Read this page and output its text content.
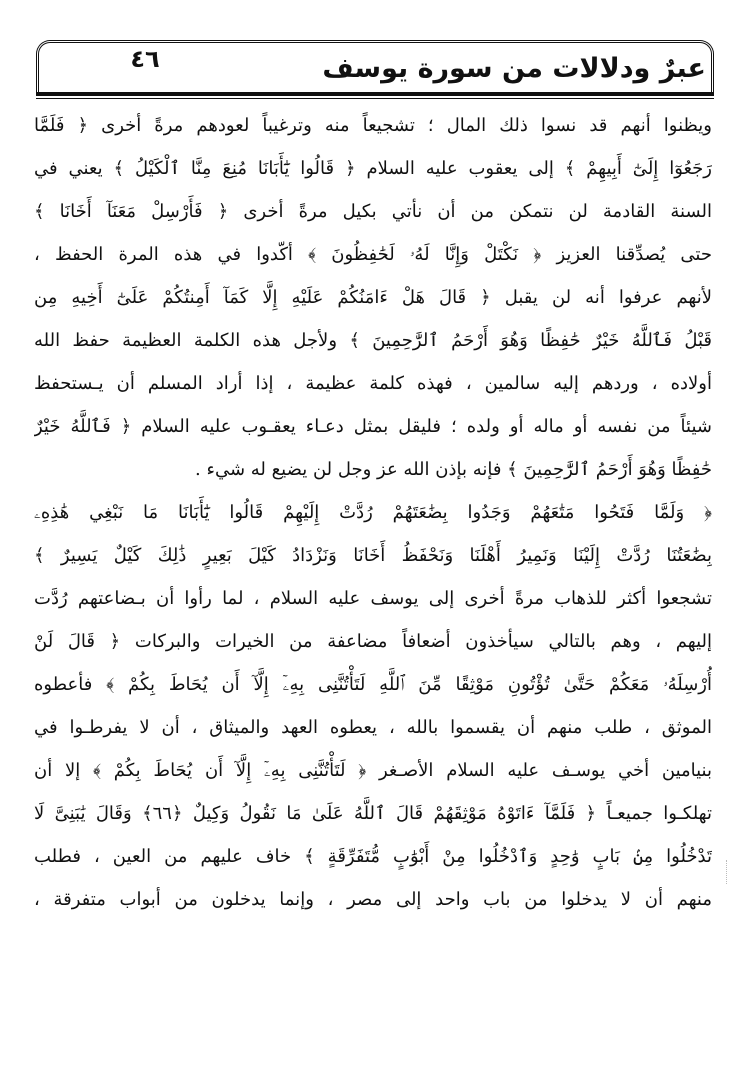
عبرٌ ودلالات من سورة يوسف
٤٦
ويظنوا أنهم قد نسوا ذلك المال ؛ تشجيعاً منه وترغيباً لعودهم مرةً أخرى ﴿ فَلَمَّا
رَجَعُوٓا إِلَىٰٓ أَبِيهِمْ ﴾ إلى يعقوب عليه السلام ﴿ قَالُوا يَٰٓأَبَانَا مُنِعَ مِنَّا ٱلْكَيْلُ ﴾ يعني في
السنة القادمة لن نتمكن من أن نأتي بكيل مرةً أخرى ﴿ فَأَرْسِلْ مَعَنَآ أَخَانَا ﴾
حتى يُصدِّقنا العزيز ﴿ نَكْتَلْ وَإِنَّا لَهُۥ لَحَٰفِظُونَ ﴾ أكّدوا في هذه المرة الحفظ ،
لأنهم عرفوا أنه لن يقبل ﴿ قَالَ هَلْ ءَامَنُكُمْ عَلَيْهِ إِلَّا كَمَآ أَمِنتُكُمْ عَلَىٰٓ أَخِيهِ مِن
قَبْلُ فَٱللَّهُ خَيْرٌ حَٰفِظًا وَهُوَ أَرْحَمُ ٱلرَّٰحِمِينَ ﴾ ولأجل هذه الكلمة العظيمة حفظ الله
أولاده ، وردهم إليه سالمين ، فهذه كلمة عظيمة ، إذا أراد المسلم أن يـستحفظ
شيئاً من نفسه أو ماله أو ولده ؛ فليقل بمثل دعـاء يعقـوب عليه السلام ﴿ فَٱللَّهُ خَيْرٌ
حَٰفِظًا وَهُوَ أَرْحَمُ ٱلرَّٰحِمِينَ ﴾ فإنه بإذن الله عز وجل لن يضيع له شيء .
﴿ وَلَمَّا فَتَحُوا مَتَٰعَهُمْ وَجَدُوا بِضَٰعَتَهُمْ رُدَّتْ إِلَيْهِمْ قَالُوا يَٰٓأَبَانَا مَا نَبْغِي هَٰذِهِۦ
بِضَٰعَتُنَا رُدَّتْ إِلَيْنَا وَنَمِيرُ أَهْلَنَا وَنَحْفَظُ أَخَانَا وَنَزْدَادُ كَيْلَ بَعِيرٍ ذَٰلِكَ كَيْلٌ يَسِيرٌ ﴾
تشجعوا أكثر للذهاب مرةً أخرى إلى يوسف عليه السلام ، لما رأوا أن بـضاعتهم رُدَّت
إليهم ، وهم بالتالي سيأخذون أضعافاً مضاعفة من الخيرات والبركات ﴿ قَالَ لَنْ
أُرْسِلَهُۥ مَعَكُمْ حَتَّىٰ تُؤْتُونِ مَوْثِقًا مِّنَ ٱللَّهِ لَتَأْتُنَّنِى بِهِۦٓ إِلَّآ أَن يُحَاطَ بِكُمْ ﴾ فأعطوه
الموثق ، طلب منهم أن يقسموا بالله ، يعطوه العهد والميثاق ، أن لا يفرطـوا في
بنيامين أخي يوسـف عليه السلام الأصـغر ﴿ لَتَأْتُنَّنِى بِهِۦٓ إِلَّآ أَن يُحَاطَ بِكُمْ ﴾ إلا أن
تهلكـوا جميعـاً ﴿ فَلَمَّآ ءَاتَوْهُ مَوْثِقَهُمْ قَالَ ٱللَّهُ عَلَىٰ مَا نَقُولُ وَكِيلٌ ﴿٦٦﴾ وَقَالَ يَٰبَنِىَّ لَا
تَدْخُلُوا مِنۢ بَابٍ وَٰحِدٍ وَٱدْخُلُوا مِنْ أَبْوَٰبٍ مُّتَفَرِّقَةٍ ﴾ خاف عليهم من العين ، فطلب
منهم أن لا يدخلوا من باب واحد إلى مصر ، وإنما يدخلون من أبواب متفرقة ،
